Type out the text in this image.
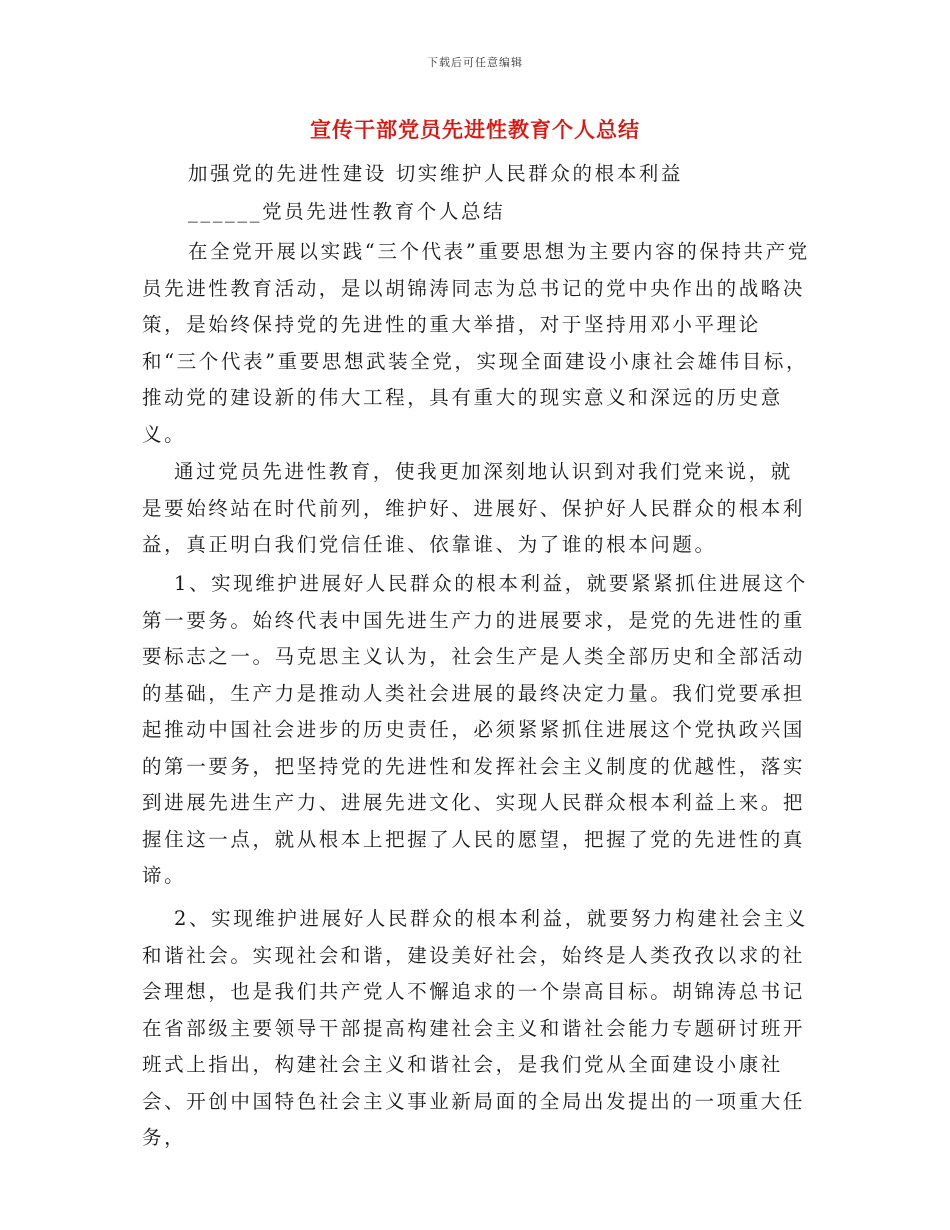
下载后可任意编辑
宣传干部党员先进性教育个人总结
加强党的先进性建设 切实维护人民群众的根本利益
______党员先进性教育个人总结
在全党开展以实践“三个代表”重要思想为主要内容的保持共产党员先进性教育活动，是以胡锦涛同志为总书记的党中央作出的战略决策，是始终保持党的先进性的重大举措，对于坚持用邓小平理论和“三个代表”重要思想武装全党，实现全面建设小康社会雄伟目标，推动党的建设新的伟大工程，具有重大的现实意义和深远的历史意义。
通过党员先进性教育，使我更加深刻地认识到对我们党来说，就是要始终站在时代前列，维护好、进展好、保护好人民群众的根本利益，真正明白我们党信任谁、依靠谁、为了谁的根本问题。
1、实现维护进展好人民群众的根本利益，就要紧紧抓住进展这个第一要务。始终代表中国先进生产力的进展要求，是党的先进性的重要标志之一。马克思主义认为，社会生产是人类全部历史和全部活动的基础，生产力是推动人类社会进展的最终决定力量。我们党要承担起推动中国社会进步的历史责任，必须紧紧抓住进展这个党执政兴国的第一要务，把坚持党的先进性和发挥社会主义制度的优越性，落实到进展先进生产力、进展先进文化、实现人民群众根本利益上来。把握住这一点，就从根本上把握了人民的愿望，把握了党的先进性的真谛。
2、实现维护进展好人民群众的根本利益，就要努力构建社会主义和谐社会。实现社会和谐，建设美好社会，始终是人类孜孜以求的社会理想，也是我们共产党人不懈追求的一个崇高目标。胡锦涛总书记在省部级主要领导干部提高构建社会主义和谐社会能力专题研讨班开班式上指出，构建社会主义和谐社会，是我们党从全面建设小康社会、开创中国特色社会主义事业新局面的全局出发提出的一项重大任务，
